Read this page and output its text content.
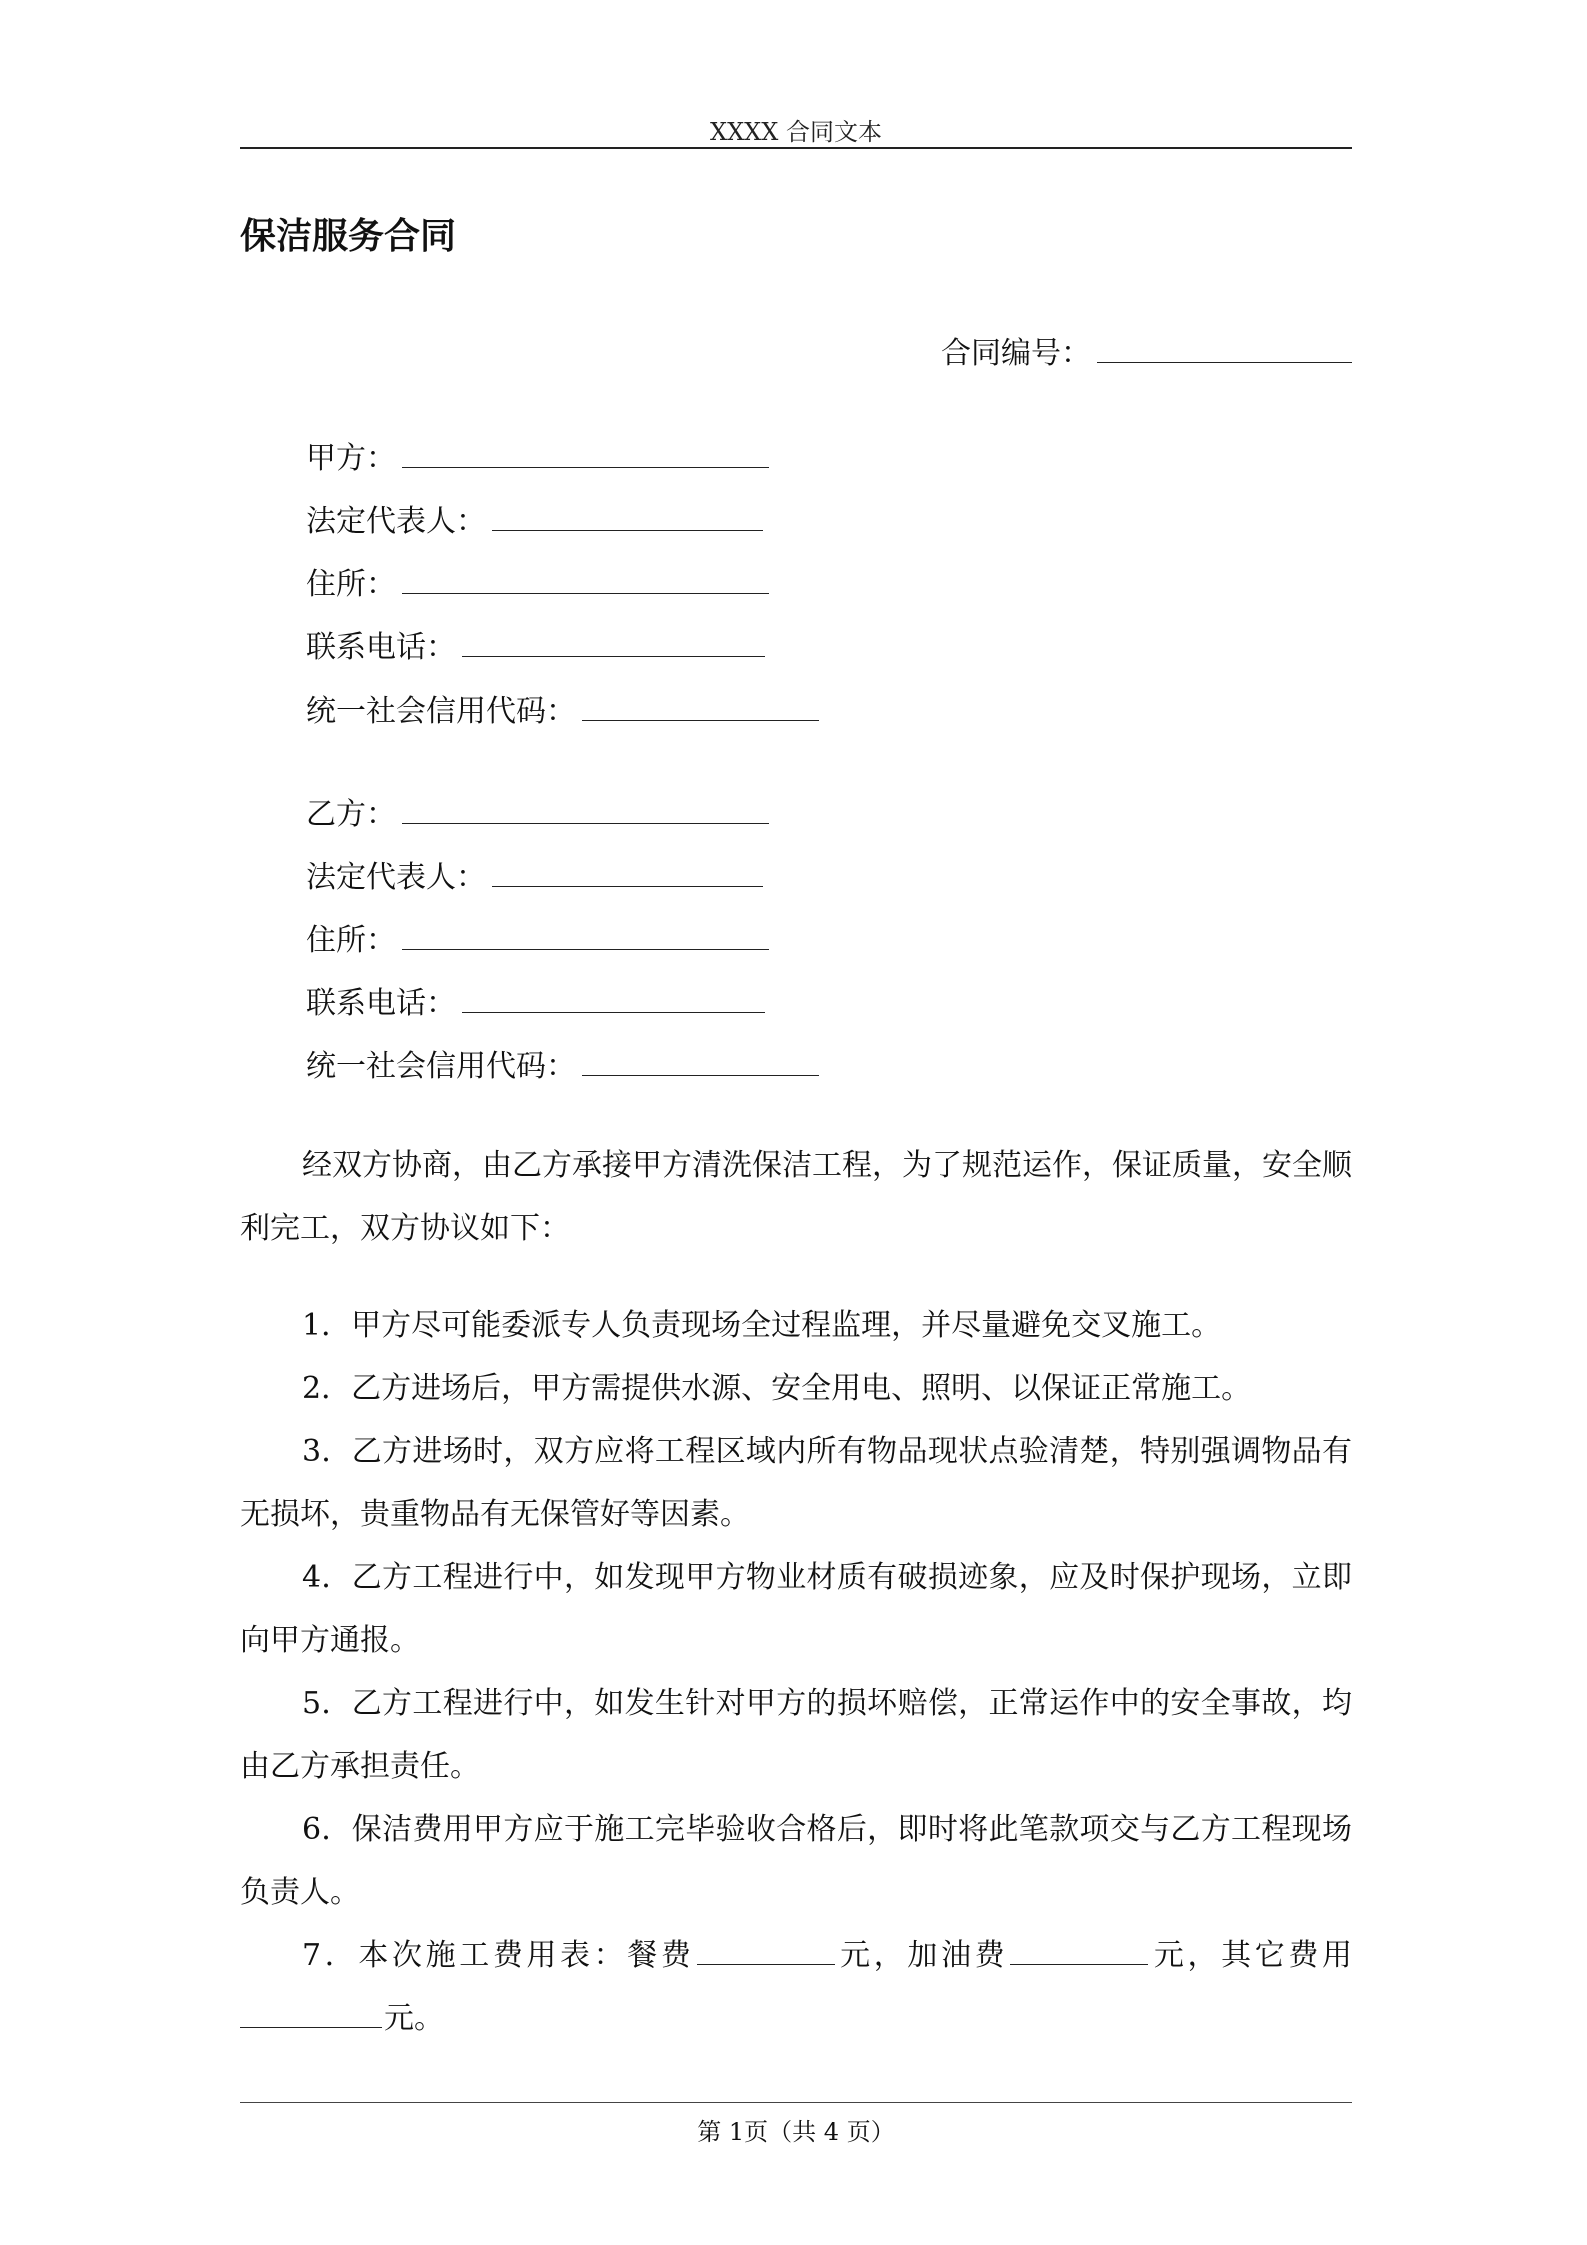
XXXX 合同文本
保洁服务合同
合同编号：
甲方：
法定代表人：
住所：
联系电话：
统一社会信用代码：
乙方：
法定代表人：
住所：
联系电话：
统一社会信用代码：
经双方协商，由乙方承接甲方清洗保洁工程，为了规范运作，保证质量，安全顺利完工，双方协议如下：
1．甲方尽可能委派专人负责现场全过程监理，并尽量避免交叉施工。
2．乙方进场后，甲方需提供水源、安全用电、照明、以保证正常施工。
3．乙方进场时，双方应将工程区域内所有物品现状点验清楚，特别强调物品有无损坏，贵重物品有无保管好等因素。
4．乙方工程进行中，如发现甲方物业材质有破损迹象，应及时保护现场，立即向甲方通报。
5．乙方工程进行中，如发生针对甲方的损坏赔偿，正常运作中的安全事故，均由乙方承担责任。
6．保洁费用甲方应于施工完毕验收合格后，即时将此笔款项交与乙方工程现场负责人。
7．本次施工费用表：餐费	元，加油费	元，其它费用元。
第 1页（共 4 页）
